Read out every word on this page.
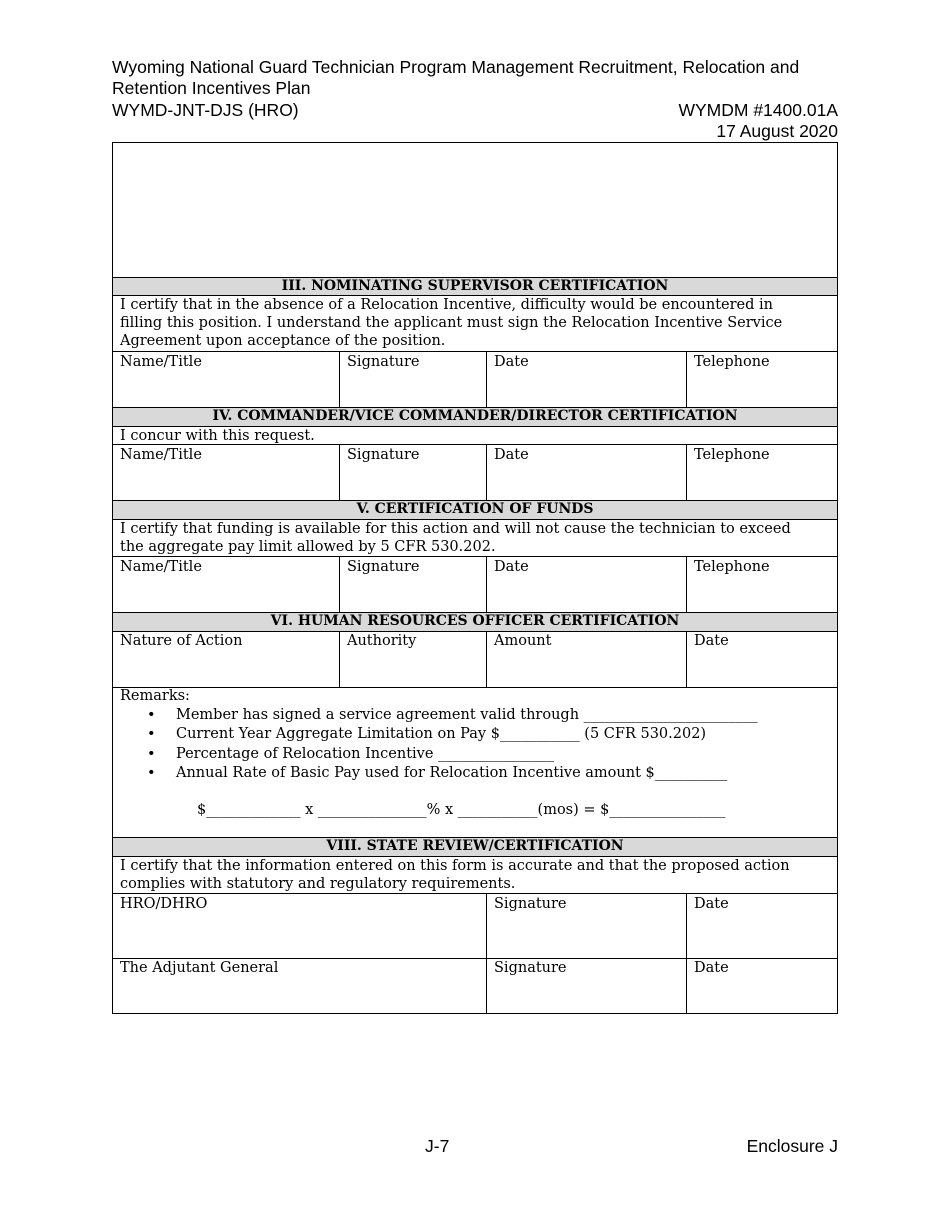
Wyoming National Guard Technician Program Management Recruitment, Relocation and Retention Incentives Plan
WYMD-JNT-DJS (HRO)	WYMDM #1400.01A
17 August 2020
III. NOMINATING SUPERVISOR CERTIFICATION
I certify that in the absence of a Relocation Incentive, difficulty would be encountered in
filling this position. I understand the applicant must sign the Relocation Incentive Service
Agreement upon acceptance of the position.
Name/Title	Signature	Date	Telephone
IV. COMMANDER/VICE COMMANDER/DIRECTOR CERTIFICATION
I concur with this request.
Name/Title	Signature	Date	Telephone
V. CERTIFICATION OF FUNDS
I certify that funding is available for this action and will not cause the technician to exceed
the aggregate pay limit allowed by 5 CFR 530.202.
Name/Title	Signature	Date	Telephone
VI. HUMAN RESOURCES OFFICER CERTIFICATION
Nature of Action	Authority	Amount	Date
Remarks:
• Member has signed a service agreement valid through ________________________
• Current Year Aggregate Limitation on Pay $___________ (5 CFR 530.202)
• Percentage of Relocation Incentive ________________
• Annual Rate of Basic Pay used for Relocation Incentive amount $__________
$_____________ x _______________% x ___________(mos) = $________________
VIII. STATE REVIEW/CERTIFICATION
I certify that the information entered on this form is accurate and that the proposed action
complies with statutory and regulatory requirements.
HRO/DHRO	Signature	Date
The Adjutant General	Signature	Date
J-7	Enclosure J
